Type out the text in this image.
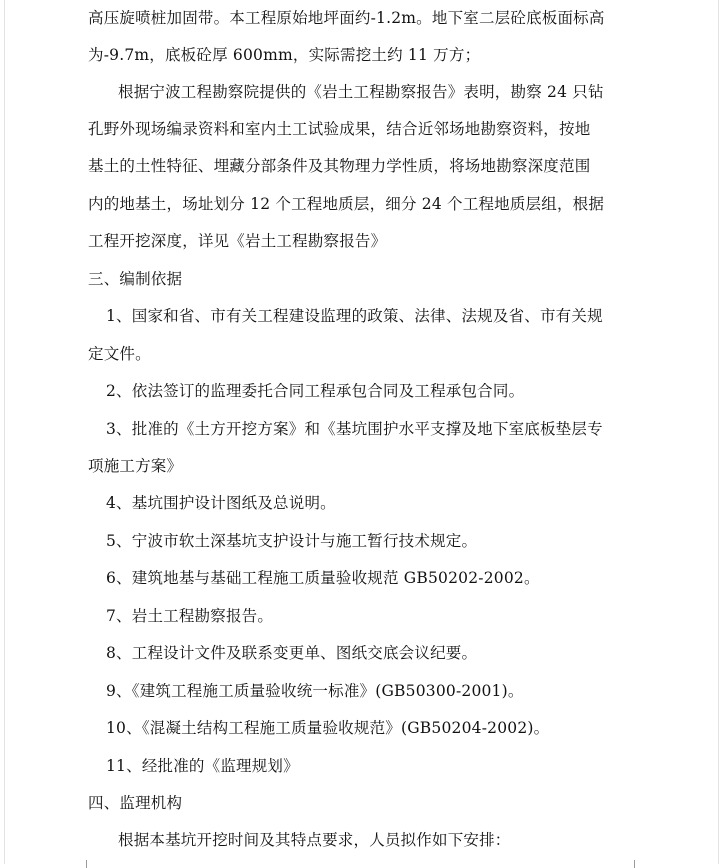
高压旋喷桩加固带。本工程原始地坪面约-1.2m。地下室二层砼底板面标高
为-9.7m，底板砼厚 600mm，实际需挖土约 11 万方；
根据宁波工程勘察院提供的《岩土工程勘察报告》表明，勘察 24 只钻
孔野外现场编录资料和室内土工试验成果，结合近邻场地勘察资料，按地
基土的土性特征、埋藏分部条件及其物理力学性质，将场地勘察深度范围
内的地基土，场址划分 12 个工程地质层，细分 24 个工程地质层组，根据
工程开挖深度，详见《岩土工程勘察报告》
三、编制依据
1、国家和省、市有关工程建设监理的政策、法律、法规及省、市有关规
定文件。
2、依法签订的监理委托合同工程承包合同及工程承包合同。
3、批准的《土方开挖方案》和《基坑围护水平支撑及地下室底板垫层专
项施工方案》
4、基坑围护设计图纸及总说明。
5、宁波市软土深基坑支护设计与施工暂行技术规定。
6、建筑地基与基础工程施工质量验收规范 GB50202-2002。
7、岩土工程勘察报告。
8、工程设计文件及联系变更单、图纸交底会议纪要。
9、《建筑工程施工质量验收统一标准》(GB50300-2001)。
10、《混凝土结构工程施工质量验收规范》(GB50204-2002)。
11、经批准的《监理规划》
四、监理机构
根据本基坑开挖时间及其特点要求，人员拟作如下安排：
